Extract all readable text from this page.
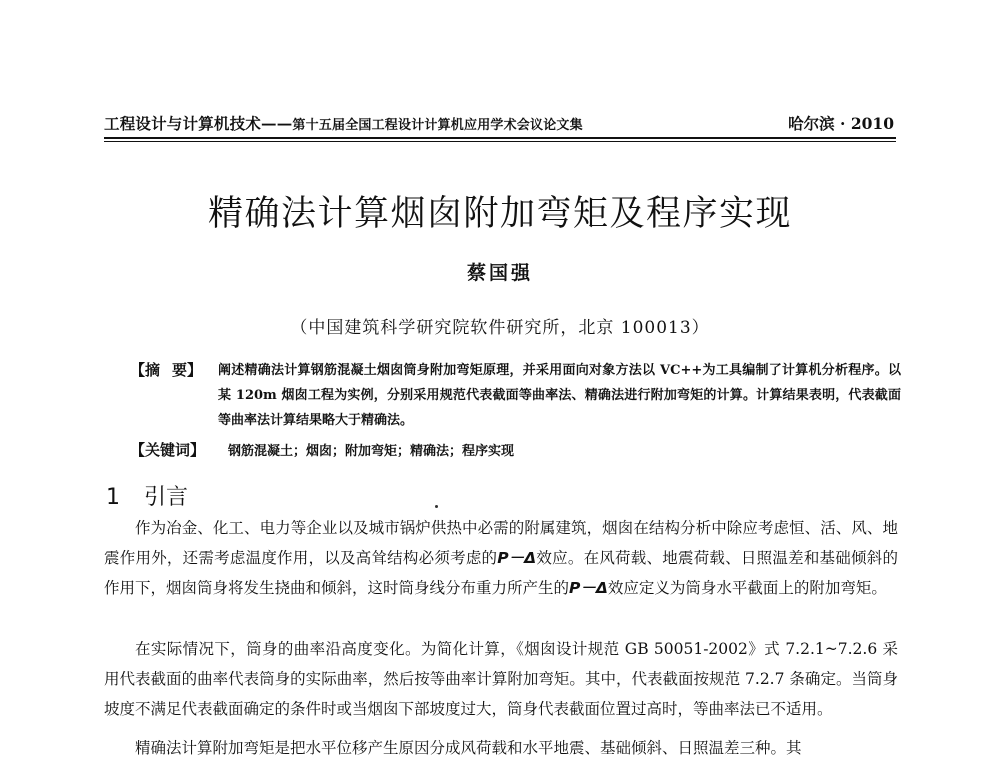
工程设计与计算机技术——第十五届全国工程设计计算机应用学术会议论文集	哈尔滨 · 2010
精确法计算烟囱附加弯矩及程序实现
蔡国强
（中国建筑科学研究院软件研究所，北京 100013）
【摘 要】 阐述精确法计算钢筋混凝土烟囱筒身附加弯矩原理，并采用面向对象方法以 VC++为工具编制了计算机分析程序。以某 120m 烟囱工程为实例，分别采用规范代表截面等曲率法、精确法进行附加弯矩的计算。计算结果表明，代表截面等曲率法计算结果略大于精确法。
【关键词】 钢筋混凝土；烟囱；附加弯矩；精确法；程序实现
1 引言
作为冶金、化工、电力等企业以及城市锅炉供热中必需的附属建筑，烟囱在结构分析中除应考虑恒、活、风、地震作用外，还需考虑温度作用，以及高耸结构必须考虑的P－Δ效应。在风荷载、地震荷载、日照温差和基础倾斜的作用下，烟囱筒身将发生挠曲和倾斜，这时筒身线分布重力所产生的P－Δ效应定义为筒身水平截面上的附加弯矩。
在实际情况下，筒身的曲率沿高度变化。为简化计算，《烟囱设计规范 GB 50051-2002》式 7.2.1~7.2.6 采用代表截面的曲率代表筒身的实际曲率，然后按等曲率计算附加弯矩。其中，代表截面按规范 7.2.7 条确定。当筒身坡度不满足代表截面确定的条件时或当烟囱下部坡度过大，筒身代表截面位置过高时，等曲率法已不适用。
精确法计算附加弯矩是把水平位移产生原因分成风荷载和水平地震、基础倾斜、日照温差三种。其
